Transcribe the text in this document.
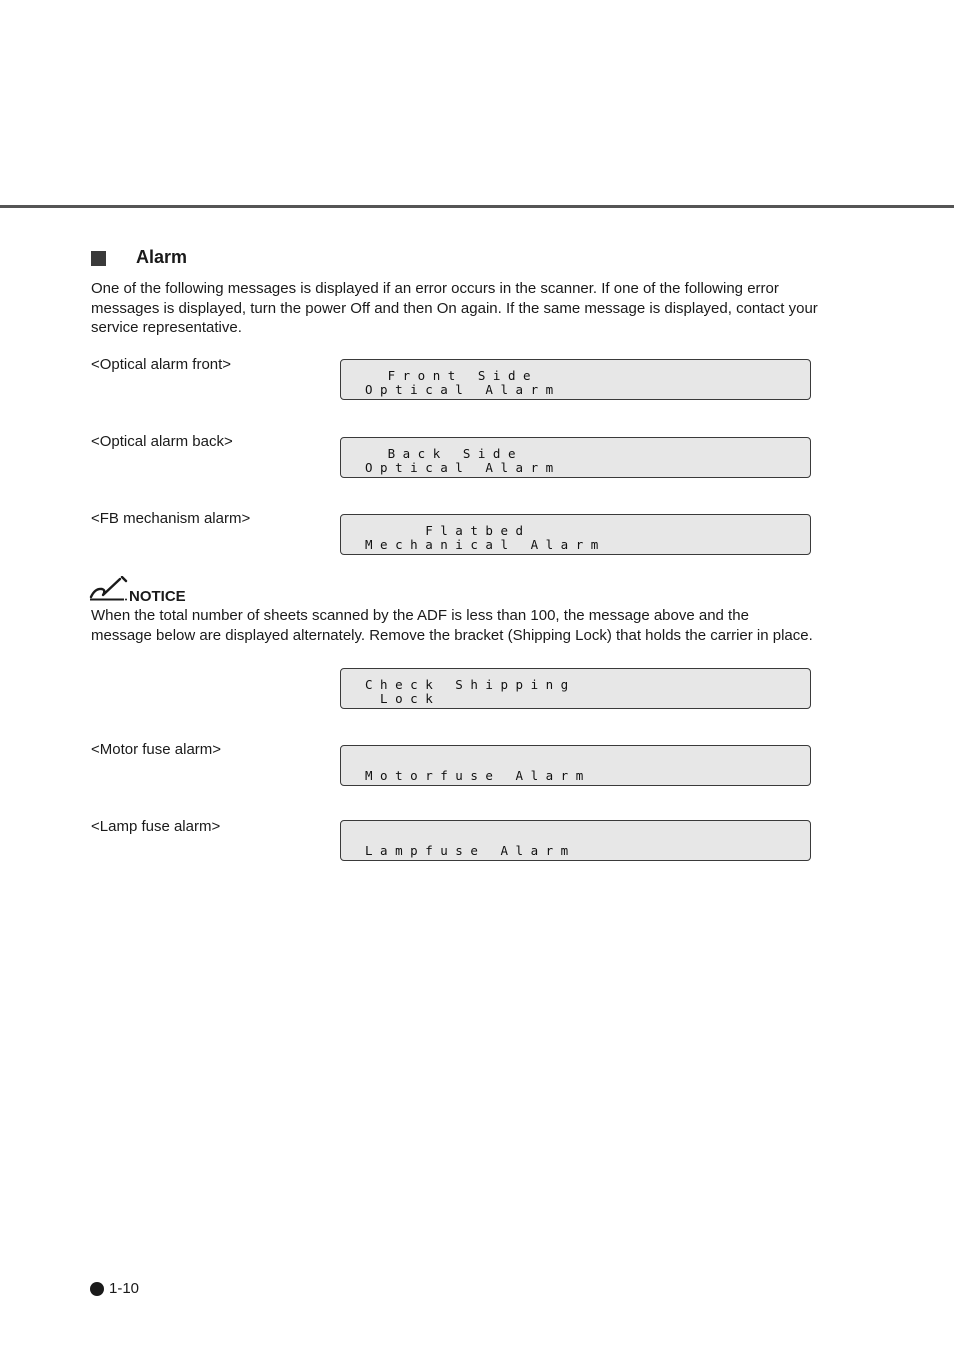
Alarm
One of the following messages is displayed if an error occurs in the scanner. If one of the following error messages is displayed, turn the power Off and then On again. If the same message is displayed, contact your service representative.
<Optical alarm front>
F r o n t   S i d e
O p t i c a l   A l a r m
<Optical alarm back>
B a c k   S i d e
O p t i c a l   A l a r m
<FB mechanism alarm>
F l a t b e d
M e c h a n i c a l   A l a r m
NOTICE
When the total number of sheets scanned by the ADF is less than 100, the message above and the message below are displayed alternately. Remove the bracket (Shipping Lock) that holds the carrier in place.
C h e c k   S h i p p i n g
L o c k
<Motor fuse alarm>
M o t o r f u s e   A l a r m
<Lamp fuse alarm>
L a m p f u s e   A l a r m
1-10
